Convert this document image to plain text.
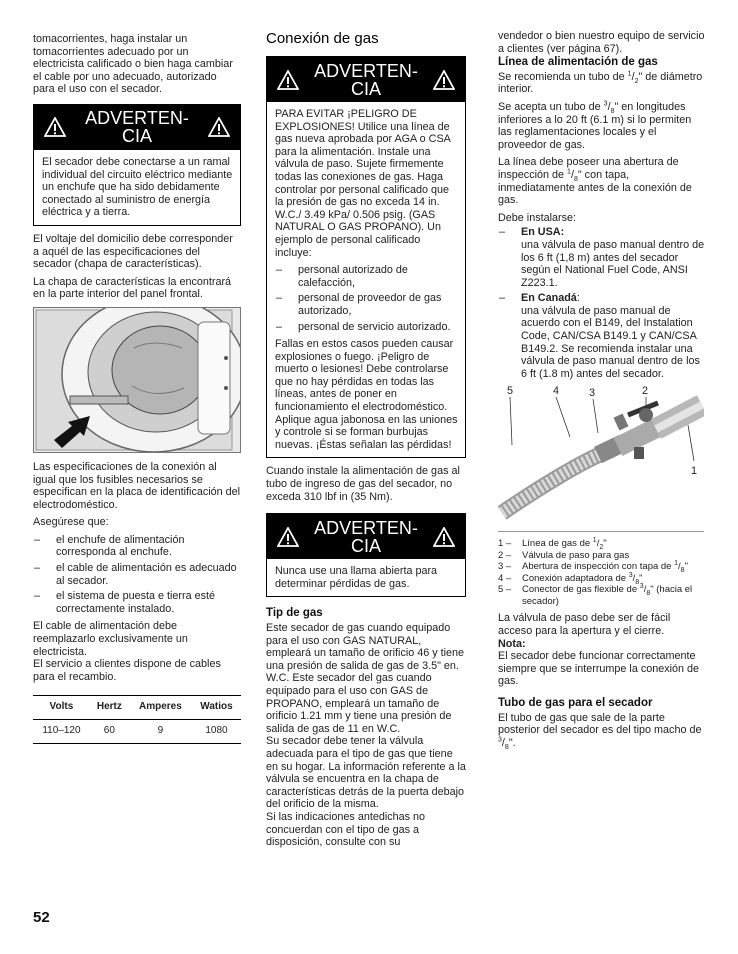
tomacorrientes, haga instalar un tomacorrientes adecuado por un electricista calificado o bien haga cambiar el cable por uno adecuado, autorizado para el uso con el secador.

ADVERTEN-
CIA
El secador debe conectarse a un ramal individual del circuito eléctrico mediante un enchufe que ha sido debidamente conectado al suministro de energía eléctrica y a tierra.

El voltaje del domicilio debe corresponder a aquél de las especificaciones del secador (chapa de características).

La chapa de características la encontrará en la parte interior del panel frontal.

Las especificaciones de la conexión al igual que los fusibles necesarios se especifican en la placa de identificación del electrodoméstico.

Asegúrese que:

– el enchufe de alimentación corresponda al enchufe.
– el cable de alimentación es adecuado al secador.
– el sistema de puesta e tierra esté correctamente instalado.

El cable de alimentación debe reemplazarlo exclusivamente un electricista.

El servicio a clientes dispone de cables para el recambio.

Volts	Hertz	Amperes	Watios
110–120	60	9	1080
Conexión de gas
ADVERTEN-
CIA

PARA EVITAR ¡PELIGRO DE EXPLOSIONES! Utilice una línea de gas nueva aprobada por AGA o CSA para la alimentación. Instale una válvula de paso. Sujete firmemente todas las conexiones de gas. Haga controlar por personal calificado que la presión de gas no exceda 14 in. W.C./ 3.49 kPa/ 0.506 psig. (GAS NATURAL O GAS PROPANO). Un ejemplo de personal calificado incluye:

– personal autorizado de calefacción,
– personal de proveedor de gas autorizado,
– personal de servicio autorizado.

Fallas en estos casos pueden causar explosiones o fuego. ¡Peligro de muerto o lesiones! Debe controlarse que no hay pérdidas en todas las líneas, antes de poner en funcionamiento el electrodoméstico. Aplique agua jabonosa en las uniones y controle si se forman burbujas nuevas. ¡Éstas señalan las pérdidas!

Cuando instale la alimentación de gas al tubo de ingreso de gas del secador, no exceda 310 lbf in (35 Nm).

ADVERTEN-
CIA
Nunca use una llama abierta para determinar pérdidas de gas.
Tip de gas

Este secador de gas cuando equipado para el uso con GAS NATURAL, empleará un tamaño de orificio 46 y tiene una presión de salida de gas de 3.5" en. W.C. Este secador del gas cuando equipado para el uso con GAS de PROPANO, empleará un tamaño de orificio 1.21 mm y tiene una presión de salida de gas de 11 en W.C.

Su secador debe tener la válvula adecuada para el tipo de gas que tiene en su hogar. La información referente a la válvula se encuentra en la chapa de características detrás de la puerta debajo del orificio de la misma.

Si las indicaciones antedichas no concuerdan con el tipo de gas a disposición, consulte con su

vendedor o bien nuestro equipo de servicio a clientes (ver página 67).

Línea de alimentación de gas

Se recomienda un tubo de $^1/_2$" de diámetro interior.

Se acepta un tubo de $^3/_8$" en longitudes inferiores a lo 20 ft (6.1 m) si lo permiten las reglamentaciones locales y el proveedor de gas.

La línea debe poseer una abertura de inspección de $^1/_8$" con tapa, inmediatamente antes de la conexión de gas.

Debe instalarse:

– En USA:
una válvula de paso manual dentro de los 6 ft (1,8 m) antes del secador según el National Fuel Code, ANSI Z223.1.
– En Canadá:
una válvula de paso manual de acuerdo con el B149, del Instalation Code, CAN/CSA B149.1 y CAN/CSA B149.2. Se recomienda instalar una válvula de paso manual dentro de los 6 ft (1.8 m) antes del secador.
5	4	3	2
1
1 –	Línea de gas de $^1/_2$"
2 –	Válvula de paso para gas
3 –	Abertura de inspección con tapa de $^1/_8$"
4 –	Conexión adaptadora de $^3/_8$"
5 –	Conector de gas flexible de $^3/_8$" (hacia el secador)

La válvula de paso debe ser de fácil acceso para la apertura y el cierre.

Nota:

El secador debe funcionar correctamente siempre que se interrumpe la conexión de gas.

Tubo de gas para el secador

El tubo de gas que sale de la parte posterior del secador es del tipo macho de $^3/_8$".

52
